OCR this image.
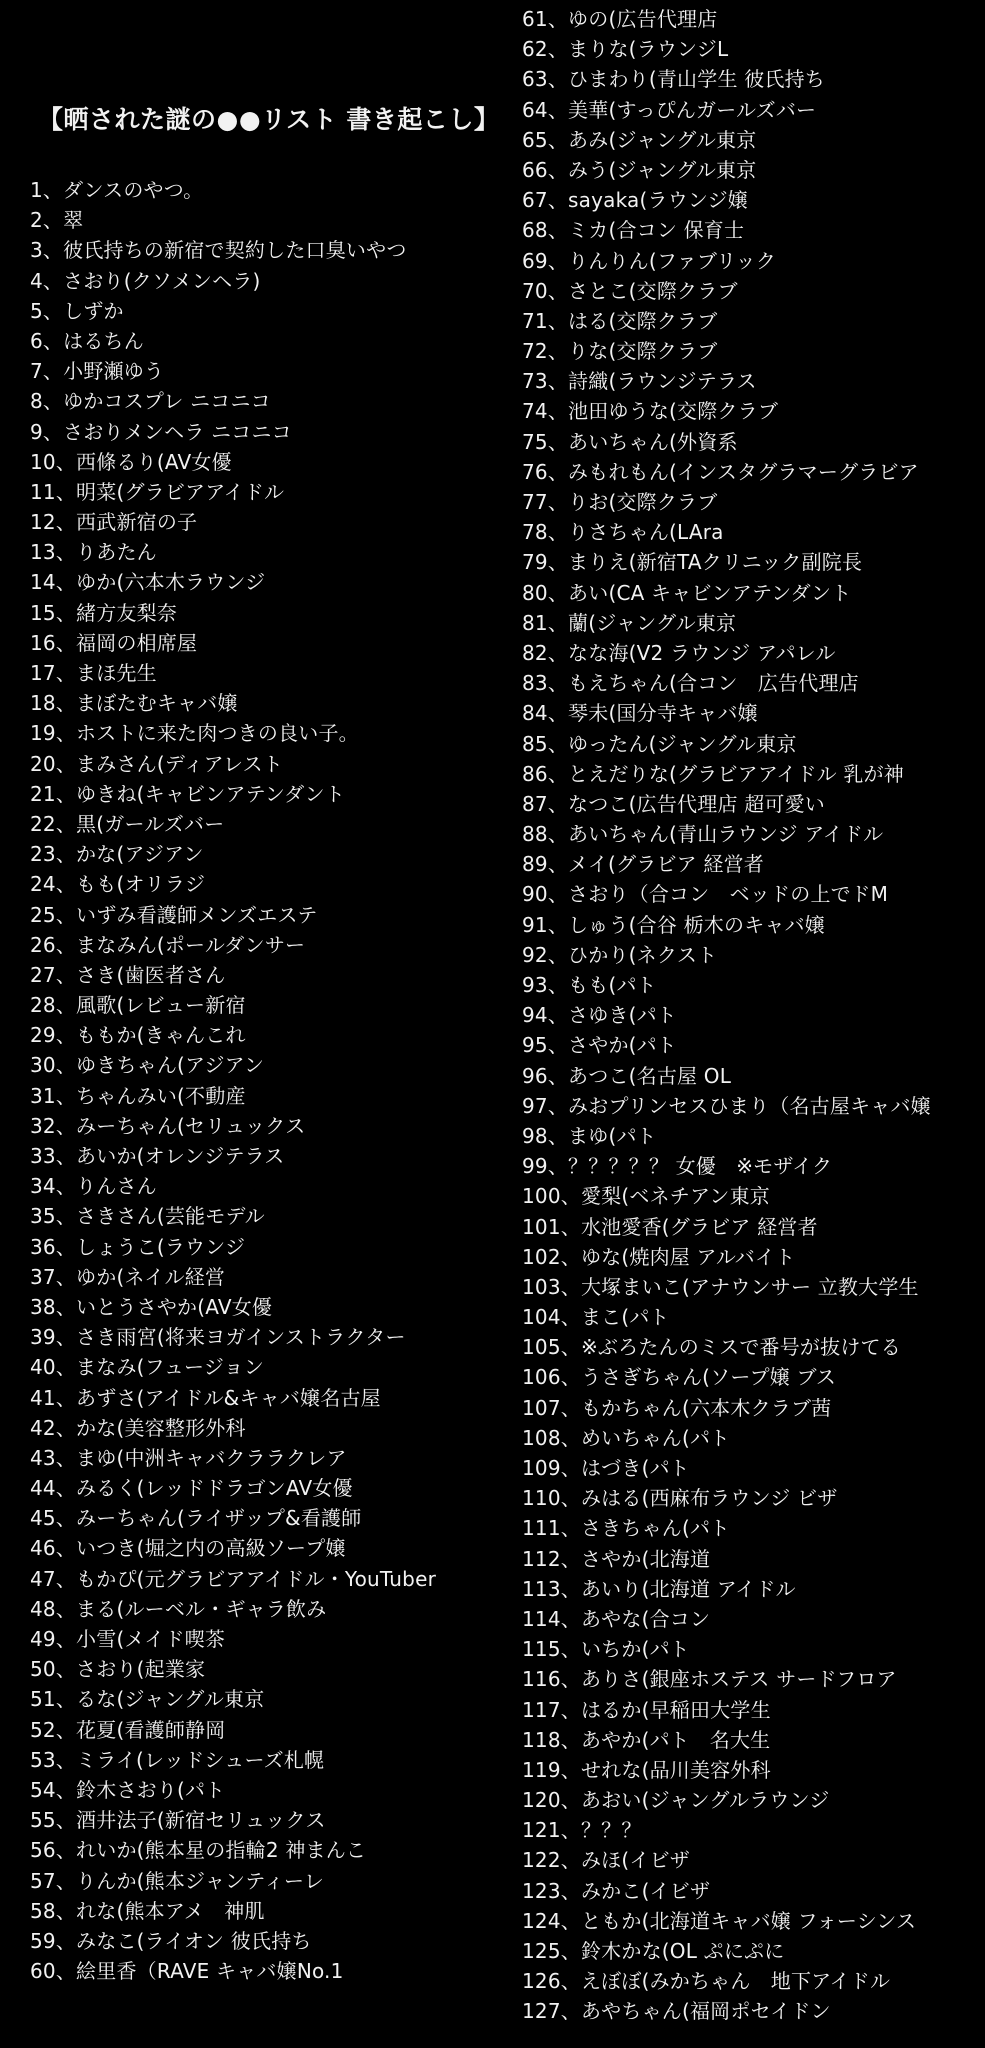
【晒された謎の●●リスト 書き起こし】
1、ダンスのやつ。
2、翠
3、彼氏持ちの新宿で契約した口臭いやつ
4、さおり(クソメンヘラ)
5、しずか
6、はるちん
7、小野瀬ゆう
8、ゆかコスプレ ニコニコ
9、さおりメンヘラ ニコニコ
10、西條るり(AV女優
11、明菜(グラビアアイドル
12、西武新宿の子
13、りあたん
14、ゆか(六本木ラウンジ
15、緒方友梨奈
16、福岡の相席屋
17、まほ先生
18、まぼたむキャバ嬢
19、ホストに来た肉つきの良い子。
20、まみさん(ディアレスト
21、ゆきね(キャビンアテンダント
22、黒(ガールズバー
23、かな(アジアン
24、もも(オリラジ
25、いずみ看護師メンズエステ
26、まなみん(ポールダンサー
27、さき(歯医者さん
28、風歌(レビュー新宿
29、ももか(きゃんこれ
30、ゆきちゃん(アジアン
31、ちゃんみい(不動産
32、みーちゃん(セリュックス
33、あいか(オレンジテラス
34、りんさん
35、さきさん(芸能モデル
36、しょうこ(ラウンジ
37、ゆか(ネイル経営
38、いとうさやか(AV女優
39、さき雨宮(将来ヨガインストラクター
40、まなみ(フュージョン
41、あずさ(アイドル&キャバ嬢名古屋
42、かな(美容整形外科
43、まゆ(中洲キャバクララクレア
44、みるく(レッドドラゴンAV女優
45、みーちゃん(ライザップ&看護師
46、いつき(堀之内の高級ソープ嬢
47、もかぴ(元グラビアアイドル・YouTuber
48、まる(ルーベル・ギャラ飲み
49、小雪(メイド喫茶
50、さおり(起業家
51、るな(ジャングル東京
52、花夏(看護師静岡
53、ミライ(レッドシューズ札幌
54、鈴木さおり(パト
55、酒井法子(新宿セリュックス
56、れいか(熊本星の指輪2 神まんこ
57、りんか(熊本ジャンティーレ
58、れな(熊本アメ　神肌
59、みなこ(ライオン 彼氏持ち
60、絵里香（RAVE キャバ嬢No.1
61、ゆの(広告代理店
62、まりな(ラウンジL
63、ひまわり(青山学生 彼氏持ち
64、美華(すっぴんガールズバー
65、あみ(ジャングル東京
66、みう(ジャングル東京
67、sayaka(ラウンジ嬢
68、ミカ(合コン 保育士
69、りんりん(ファブリック
70、さとこ(交際クラブ
71、はる(交際クラブ
72、りな(交際クラブ
73、詩織(ラウンジテラス
74、池田ゆうな(交際クラブ
75、あいちゃん(外資系
76、みもれもん(インスタグラマーグラビア
77、りお(交際クラブ
78、りさちゃん(LAra
79、まりえ(新宿TAクリニック副院長
80、あい(CA キャビンアテンダント
81、蘭(ジャングル東京
82、なな海(V2 ラウンジ アパレル
83、もえちゃん(合コン　広告代理店
84、琴未(国分寺キャバ嬢
85、ゆったん(ジャングル東京
86、とえだりな(グラビアアイドル 乳が神
87、なつこ(広告代理店 超可愛い
88、あいちゃん(青山ラウンジ アイドル
89、メイ(グラビア 経営者
90、さおり（合コン　ベッドの上でドM
91、しゅう(合谷 栃木のキャバ嬢
92、ひかり(ネクスト
93、もも(パト
94、さゆき(パト
95、さやか(パト
96、あつこ(名古屋 OL
97、みおプリンセスひまり（名古屋キャバ嬢
98、まゆ(パト
99、？？？？？ 女優　※モザイク
100、愛梨(ベネチアン東京
101、水池愛香(グラビア 経営者
102、ゆな(焼肉屋 アルバイト
103、大塚まいこ(アナウンサー 立教大学生
104、まこ(パト
105、※ぶろたんのミスで番号が抜けてる
106、うさぎちゃん(ソープ嬢 ブス
107、もかちゃん(六本木クラブ茜
108、めいちゃん(パト
109、はづき(パト
110、みはる(西麻布ラウンジ ビザ
111、さきちゃん(パト
112、さやか(北海道
113、あいり(北海道 アイドル
114、あやな(合コン
115、いちか(パト
116、ありさ(銀座ホステス サードフロア
117、はるか(早稲田大学生
118、あやか(パト　名大生
119、せれな(品川美容外科
120、あおい(ジャングルラウンジ
121、？？？
122、みほ(イビザ
123、みかこ(イビザ
124、ともか(北海道キャバ嬢 フォーシンス
125、鈴木かな(OL ぷにぷに
126、えぼぼ(みかちゃん　地下アイドル
127、あやちゃん(福岡ポセイドン
